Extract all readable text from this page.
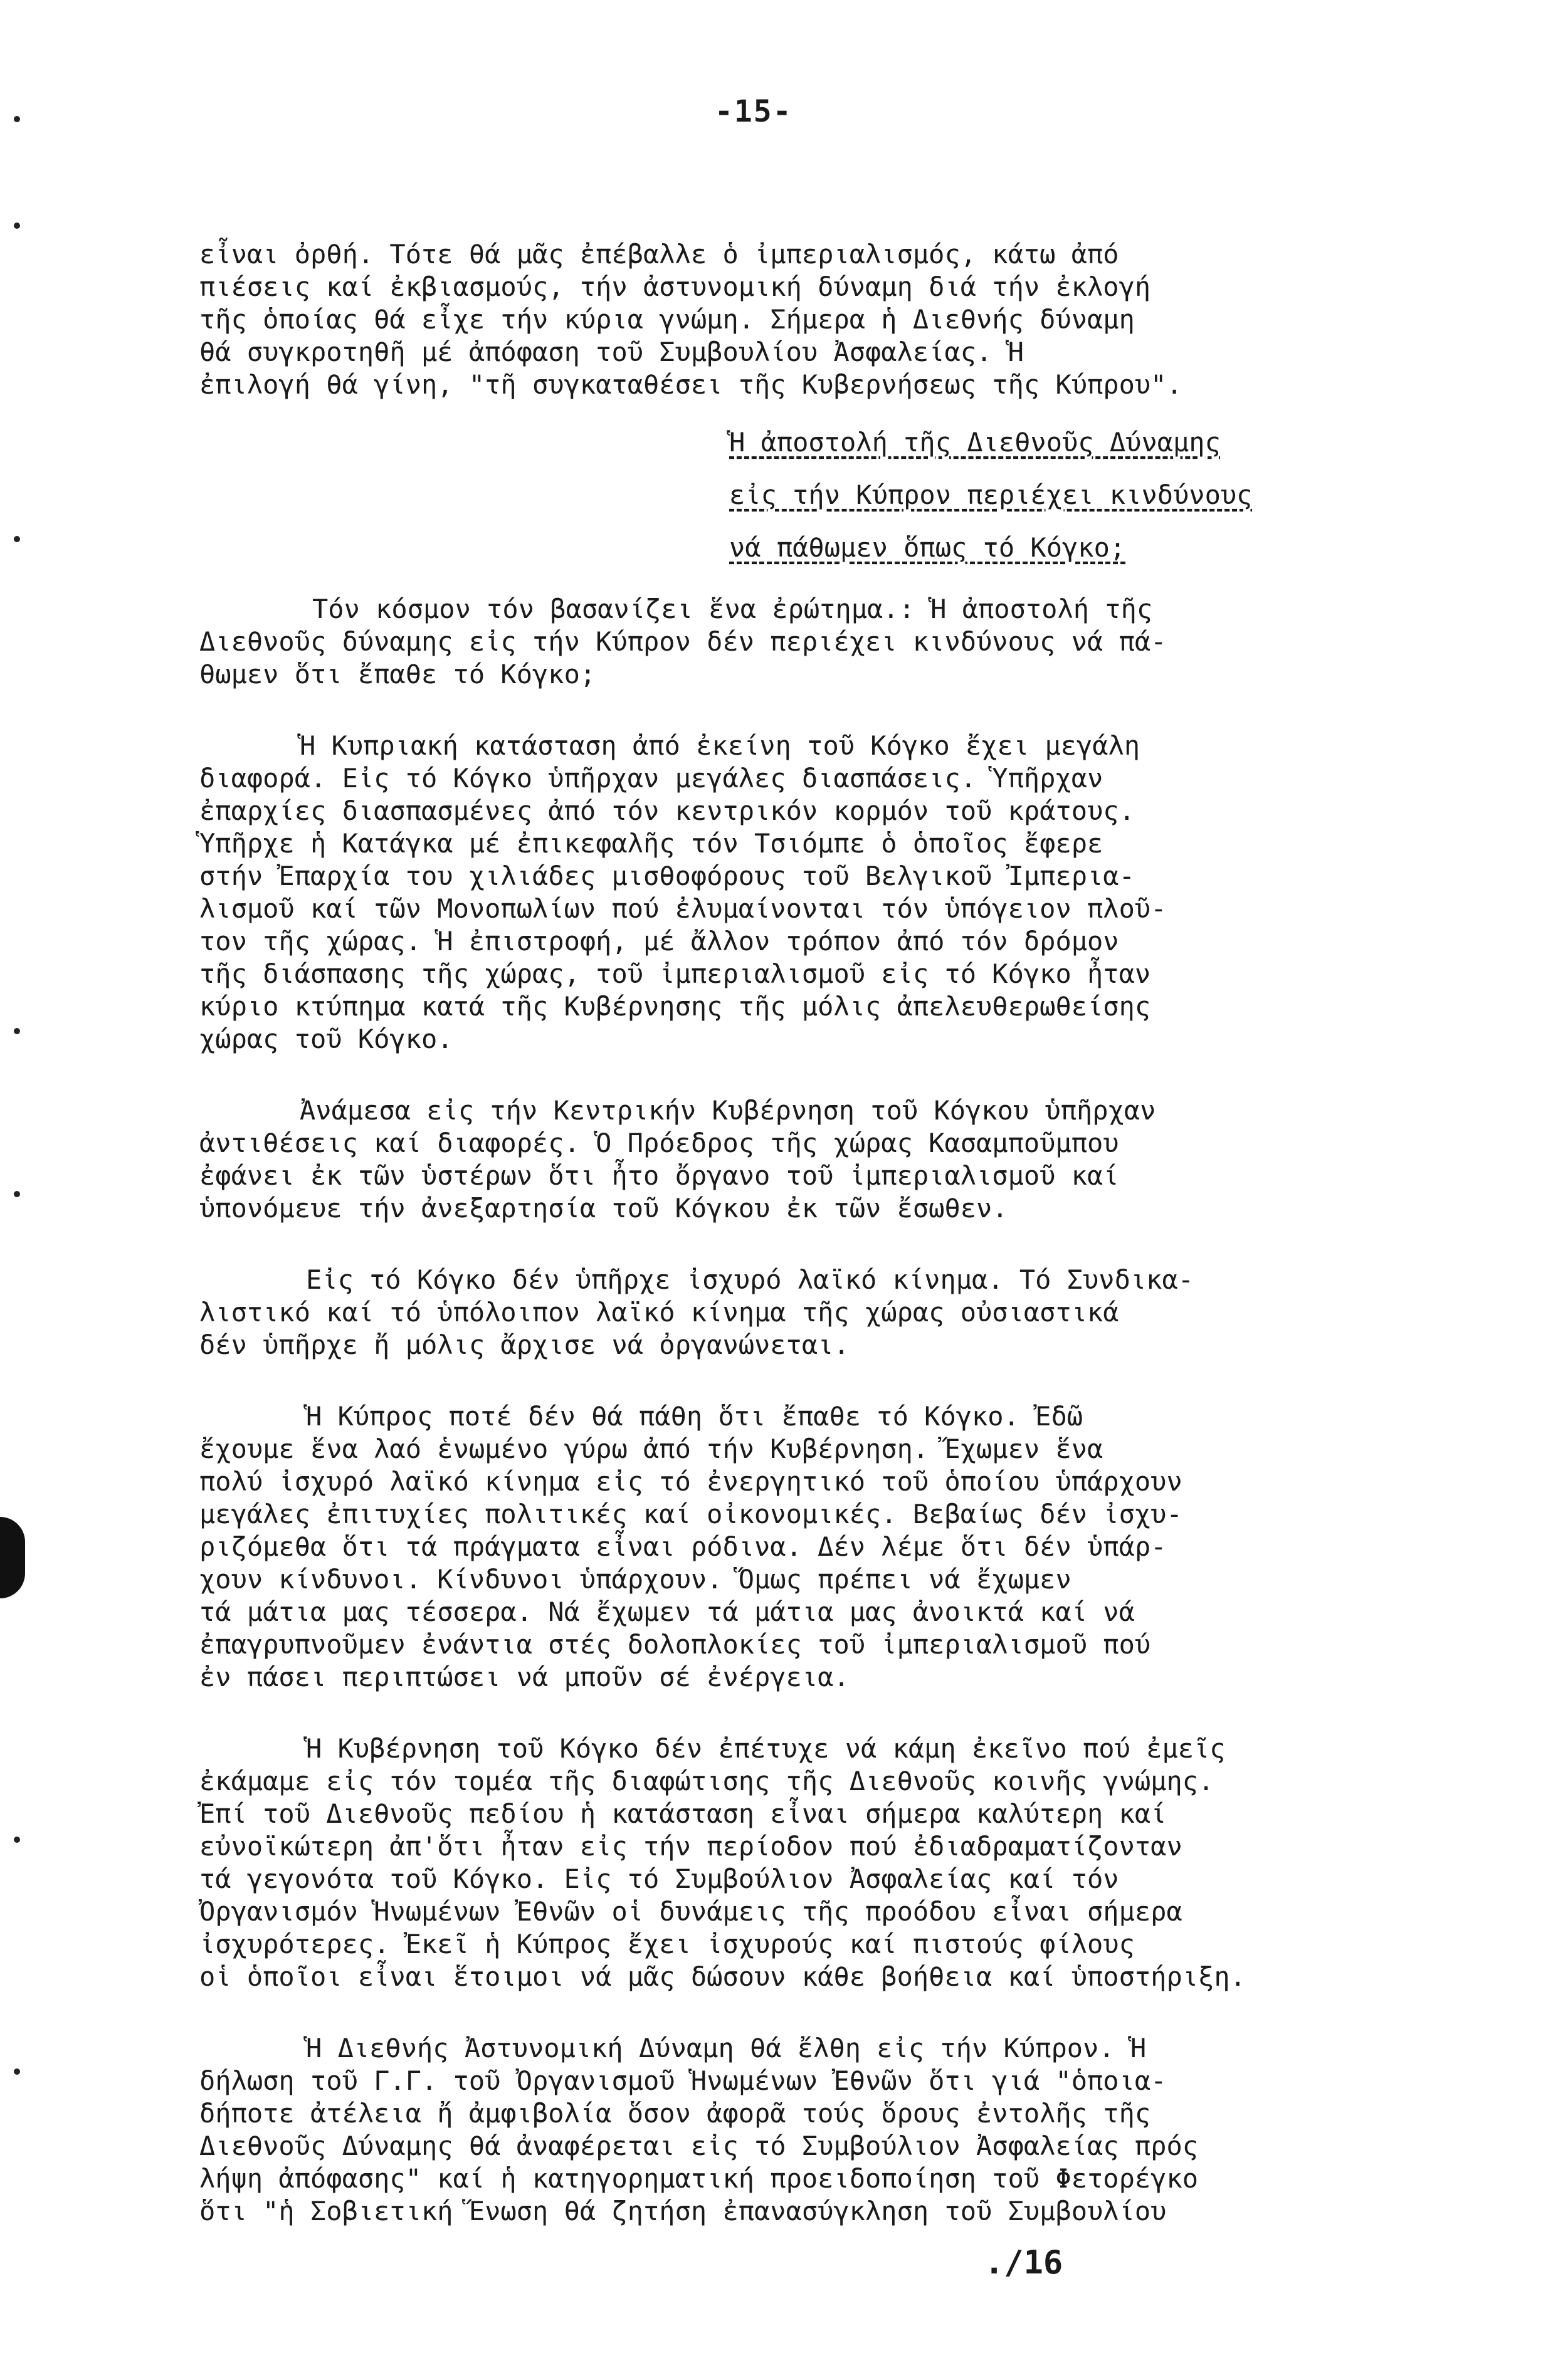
-15-
εἶναι ὀρθή. Τότε θά μᾶς ἐπέβαλλε ὁ ἰμπεριαλισμός, κάτω ἀπό
πιέσεις καί ἐκβιασμούς, τήν ἀστυνομική δύναμη διά τήν ἐκλογή
τῆς ὁποίας θά εἶχε τήν κύρια γνώμη. Σήμερα ἡ Διεθνής δύναμη
θά συγκροτηθῆ μέ ἀπόφαση τοῦ Συμβουλίου Ἀσφαλείας. Ἡ
ἐπιλογή θά γίνη, "τῆ συγκαταθέσει τῆς Κυβερνήσεως τῆς Κύπρου".
Ἡ ἀποστολή τῆς Διεθνοῦς Δύναμης
εἰς τήν Κύπρον περιέχει κινδύνους
νά πάθωμεν ὅπως τό Κόγκο;
Τόν κόσμον τόν βασανίζει ἕνα ἐρώτημα.: Ἡ ἀποστολή τῆς
Διεθνοῦς δύναμης εἰς τήν Κύπρον δέν περιέχει κινδύνους νά πά-
θωμεν ὅτι ἔπαθε τό Κόγκο;
Ἡ Κυπριακή κατάσταση ἀπό ἐκείνη τοῦ Κόγκο ἔχει μεγάλη
διαφορά. Εἰς τό Κόγκο ὑπῆρχαν μεγάλες διασπάσεις. Ὑπῆρχαν
ἐπαρχίες διασπασμένες ἀπό τόν κεντρικόν κορμόν τοῦ κράτους.
Ὑπῆρχε ἡ Κατάγκα μέ ἐπικεφαλῆς τόν Τσιόμπε ὁ ὁποῖος ἔφερε
στήν Ἐπαρχία του χιλιάδες μισθοφόρους τοῦ Βελγικοῦ Ἰμπερια-
λισμοῦ καί τῶν Μονοπωλίων πού ἐλυμαίνονται τόν ὑπόγειον πλοῦ-
τον τῆς χώρας. Ἡ ἐπιστροφή, μέ ἄλλον τρόπον ἀπό τόν δρόμον
τῆς διάσπασης τῆς χώρας, τοῦ ἰμπεριαλισμοῦ εἰς τό Κόγκο ἦταν
κύριο κτύπημα κατά τῆς Κυβέρνησης τῆς μόλις ἀπελευθερωθείσης
χώρας τοῦ Κόγκο.
Ἀνάμεσα εἰς τήν Κεντρικήν Κυβέρνηση τοῦ Κόγκου ὑπῆρχαν
ἀντιθέσεις καί διαφορές. Ὁ Πρόεδρος τῆς χώρας Κασαμποῦμπου
ἐφάνει ἐκ τῶν ὑστέρων ὅτι ἦτο ὄργανο τοῦ ἰμπεριαλισμοῦ καί
ὑπονόμευε τήν ἀνεξαρτησία τοῦ Κόγκου ἐκ τῶν ἔσωθεν.
Εἰς τό Κόγκο δέν ὑπῆρχε ἰσχυρό λαϊκό κίνημα. Τό Συνδικα-
λιστικό καί τό ὑπόλοιπον λαϊκό κίνημα τῆς χώρας οὐσιαστικά
δέν ὑπῆρχε ἤ μόλις ἄρχισε νά ὀργανώνεται.
Ἡ Κύπρος ποτέ δέν θά πάθη ὅτι ἔπαθε τό Κόγκο. Ἐδῶ
ἔχουμε ἕνα λαό ἑνωμένο γύρω ἀπό τήν Κυβέρνηση. Ἔχωμεν ἕνα
πολύ ἰσχυρό λαϊκό κίνημα εἰς τό ἐνεργητικό τοῦ ὁποίου ὑπάρχουν
μεγάλες ἐπιτυχίες πολιτικές καί οἰκονομικές. Βεβαίως δέν ἰσχυ-
ριζόμεθα ὅτι τά πράγματα εἶναι ρόδινα. Δέν λέμε ὅτι δέν ὑπάρ-
χουν κίνδυνοι. Κίνδυνοι ὑπάρχουν. Ὅμως πρέπει νά ἔχωμεν
τά μάτια μας τέσσερα. Νά ἔχωμεν τά μάτια μας ἀνοικτά καί νά
ἐπαγρυπνοῦμεν ἐνάντια στές δολοπλοκίες τοῦ ἰμπεριαλισμοῦ πού
ἐν πάσει περιπτώσει νά μποῦν σέ ἐνέργεια.
Ἡ Κυβέρνηση τοῦ Κόγκο δέν ἐπέτυχε νά κάμη ἐκεῖνο πού ἐμεῖς
ἐκάμαμε εἰς τόν τομέα τῆς διαφώτισης τῆς Διεθνοῦς κοινῆς γνώμης.
Ἐπί τοῦ Διεθνοῦς πεδίου ἡ κατάσταση εἶναι σήμερα καλύτερη καί
εὐνοϊκώτερη ἀπ'ὅτι ἦταν εἰς τήν περίοδον πού ἐδιαδραματίζονταν
τά γεγονότα τοῦ Κόγκο. Εἰς τό Συμβούλιον Ἀσφαλείας καί τόν
Ὀργανισμόν Ἡνωμένων Ἐθνῶν οἱ δυνάμεις τῆς προόδου εἶναι σήμερα
ἰσχυρότερες. Ἐκεῖ ἡ Κύπρος ἔχει ἰσχυρούς καί πιστούς φίλους
οἱ ὁποῖοι εἶναι ἕτοιμοι νά μᾶς δώσουν κάθε βοήθεια καί ὑποστήριξη.
Ἡ Διεθνής Ἀστυνομική Δύναμη θά ἔλθη εἰς τήν Κύπρον. Ἡ
δήλωση τοῦ Γ.Γ. τοῦ Ὀργανισμοῦ Ἡνωμένων Ἐθνῶν ὅτι γιά "ὁποια-
δήποτε ἀτέλεια ἤ ἀμφιβολία ὅσον ἀφορᾶ τούς ὅρους ἐντολῆς τῆς
Διεθνοῦς Δύναμης θά ἀναφέρεται εἰς τό Συμβούλιον Ἀσφαλείας πρός
λήψη ἀπόφασης" καί ἡ κατηγορηματική προειδοποίηση τοῦ Φετορέγκο
ὅτι "ἡ Σοβιετική Ἕνωση θά ζητήση ἐπανασύγκληση τοῦ Συμβουλίου
./16
